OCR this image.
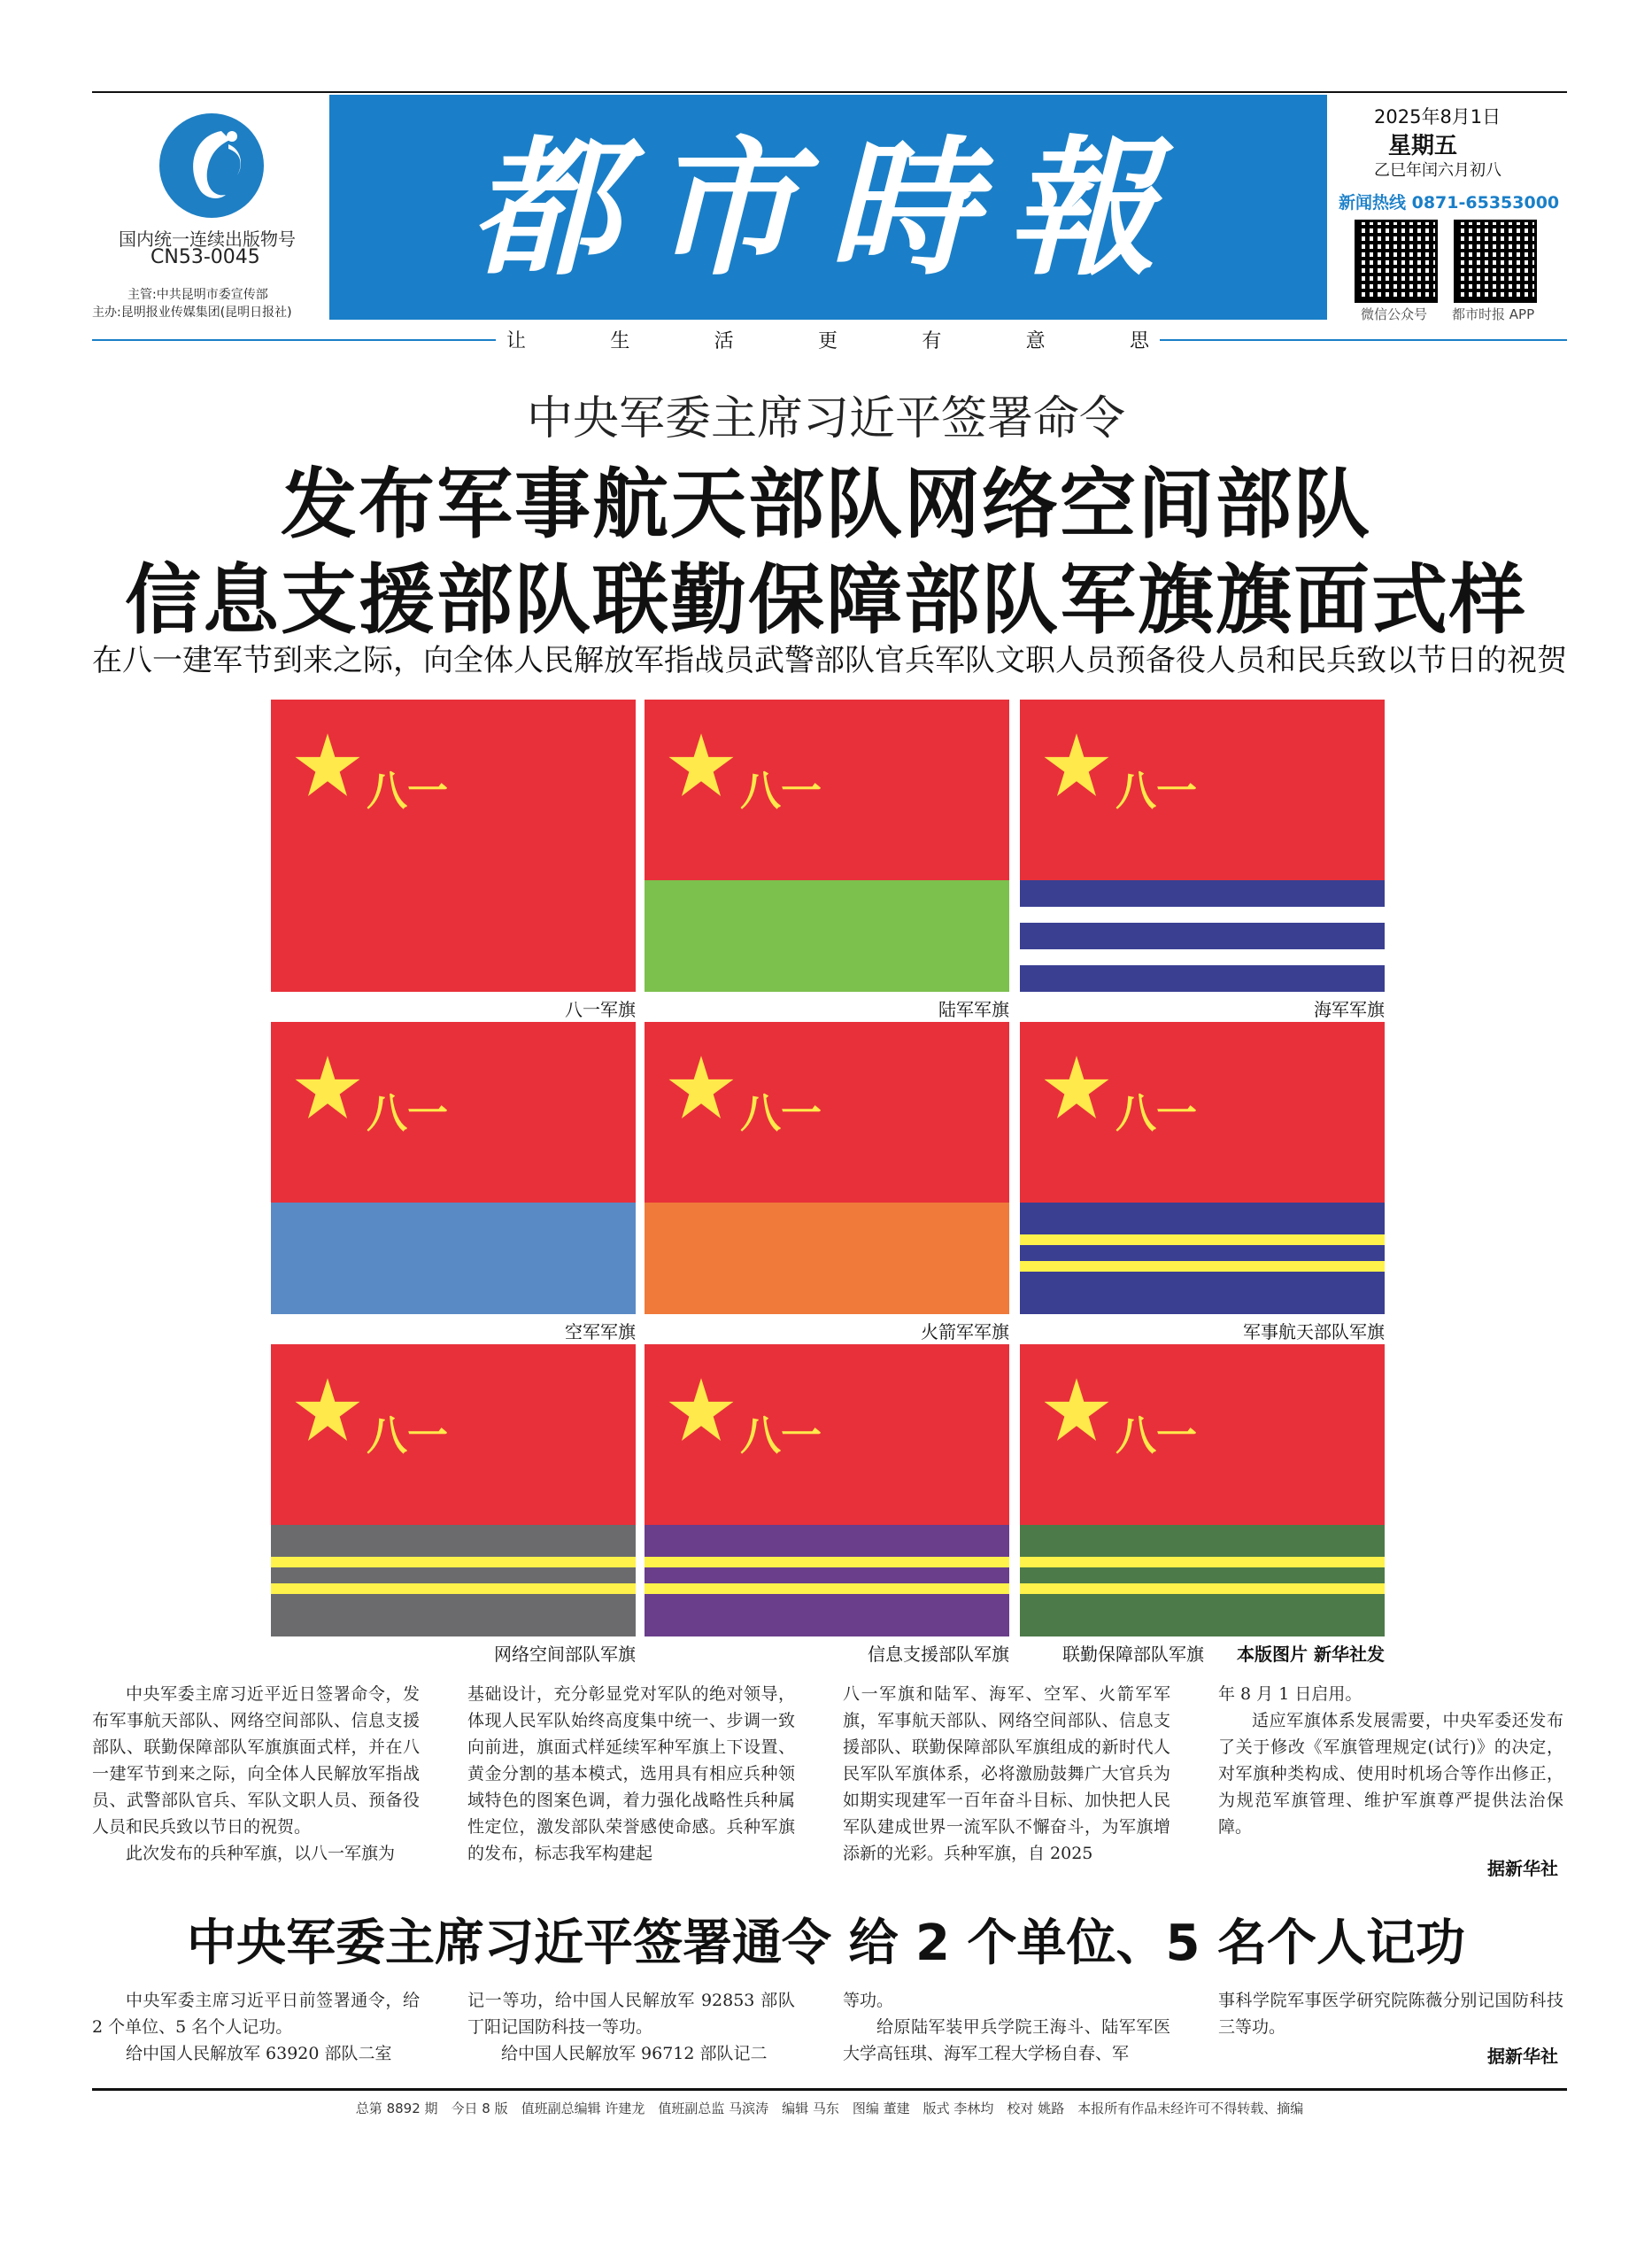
国内统一连续出版物号
CN53-0045
主管:中共昆明市委宣传部
主办:昆明报业传媒集团(昆明日报社)
都市時報
2025年8月1日
星期五
乙巳年闰六月初八
新闻热线 0871-65353000
微信公众号 都市时报 APP
让	生	活	更	有	意	思
中央军委主席习近平签署命令
发布军事航天部队网络空间部队
信息支援部队联勤保障部队军旗旗面式样
在八一建军节到来之际，向全体人民解放军指战员武警部队官兵军队文职人员预备役人员和民兵致以节日的祝贺
八一	八一	八一
八一军旗	陆军军旗	海军军旗
八一	八一	八一
空军军旗	火箭军军旗	军事航天部队军旗
八一	八一	八一
网络空间部队军旗	信息支援部队军旗	联勤保障部队军旗	本版图片 新华社发

中央军委主席习近平近日签署命令，发布军事航天部队、网络空间部队、信息支援部队、联勤保障部队军旗旗面式样，并在八一建军节到来之际，向全体人民解放军指战员、武警部队官兵、军队文职人员、预备役人员和民兵致以节日的祝贺。

此次发布的兵种军旗，以八一军旗为

基础设计，充分彰显党对军队的绝对领导，体现人民军队始终高度集中统一、步调一致向前进，旗面式样延续军种军旗上下设置、黄金分割的基本模式，选用具有相应兵种领域特色的图案色调，着力强化战略性兵种属性定位，激发部队荣誉感使命感。兵种军旗的发布，标志我军构建起

八一军旗和陆军、海军、空军、火箭军军旗，军事航天部队、网络空间部队、信息支援部队、联勤保障部队军旗组成的新时代人民军队军旗体系，必将激励鼓舞广大官兵为如期实现建军一百年奋斗目标、加快把人民军队建成世界一流军队不懈奋斗，为军旗增添新的光彩。兵种军旗，自 2025

年 8 月 1 日启用。

适应军旗体系发展需要，中央军委还发布了关于修改《军旗管理规定(试行)》的决定，对军旗种类构成、使用时机场合等作出修正，为规范军旗管理、维护军旗尊严提供法治保障。

据新华社
中央军委主席习近平签署通令 给 2 个单位、5 名个人记功

中央军委主席习近平日前签署通令，给 2 个单位、5 名个人记功。

给中国人民解放军 63920 部队二室

记一等功，给中国人民解放军 92853 部队丁阳记国防科技一等功。

给中国人民解放军 96712 部队记二

等功。

给原陆军装甲兵学院王海斗、陆军军医大学高钰琪、海军工程大学杨自春、军

事科学院军事医学研究院陈薇分别记国防科技三等功。

据新华社
总第 8892 期　今日 8 版　值班副总编辑 许建龙　值班副总监 马滨涛　编辑 马东　图编 董建　版式 李林均　校对 姚路　本报所有作品未经许可不得转载、摘编
